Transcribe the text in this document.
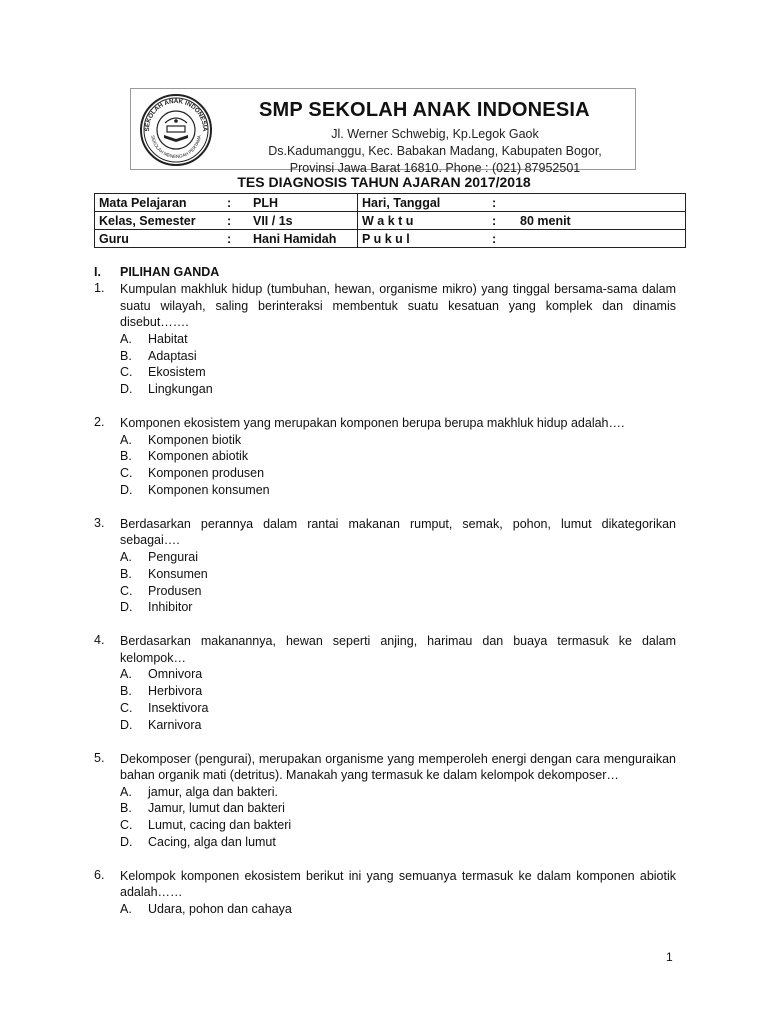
SEKOLAH ANAK INDONESIA
SEKOLAH MENENGAH PERTAMA
SMP SEKOLAH ANAK INDONESIA
Jl. Werner Schwebig, Kp.Legok Gaok
Ds.Kadumanggu, Kec. Babakan Madang, Kabupaten Bogor,
Provinsi Jawa Barat 16810. Phone : (021) 87952501
TES DIAGNOSIS TAHUN AJARAN 2017/2018
Mata Pelajaran	:	PLH	Hari, Tanggal	:	
Kelas, Semester	:	VII / 1s	W a k t u	:	80 menit
Guru	:	Hani Hamidah	P u k u l	:	
I. PILIHAN GANDA
1.	Kumpulan makhluk hidup (tumbuhan, hewan, organisme mikro) yang tinggal bersama-sama dalam suatu wilayah, saling berinteraksi membentuk suatu kesatuan yang komplek dan dinamis disebut…….
A.	Habitat
B.	Adaptasi
C.	Ekosistem
D.	Lingkungan
2.	Komponen ekosistem yang merupakan komponen berupa berupa makhluk hidup adalah….
A.	Komponen biotik
B.	Komponen abiotik
C.	Komponen produsen
D.	Komponen konsumen
3.	Berdasarkan perannya dalam rantai makanan rumput, semak, pohon, lumut dikategorikan sebagai….
A.	Pengurai
B.	Konsumen
C.	Produsen
D.	Inhibitor
4.	Berdasarkan makanannya, hewan seperti anjing, harimau dan buaya termasuk ke dalam kelompok…
A.	Omnivora
B.	Herbivora
C.	Insektivora
D.	Karnivora
5.	Dekomposer (pengurai), merupakan organisme yang memperoleh energi dengan cara menguraikan bahan organik mati (detritus). Manakah yang termasuk ke dalam kelompok dekomposer…
A.	jamur, alga dan bakteri.
B.	Jamur, lumut dan bakteri
C.	Lumut, cacing dan bakteri
D.	Cacing, alga dan lumut
6.	Kelompok komponen ekosistem berikut ini yang semuanya termasuk ke dalam komponen abiotik adalah……
A.	Udara, pohon dan cahaya
1
